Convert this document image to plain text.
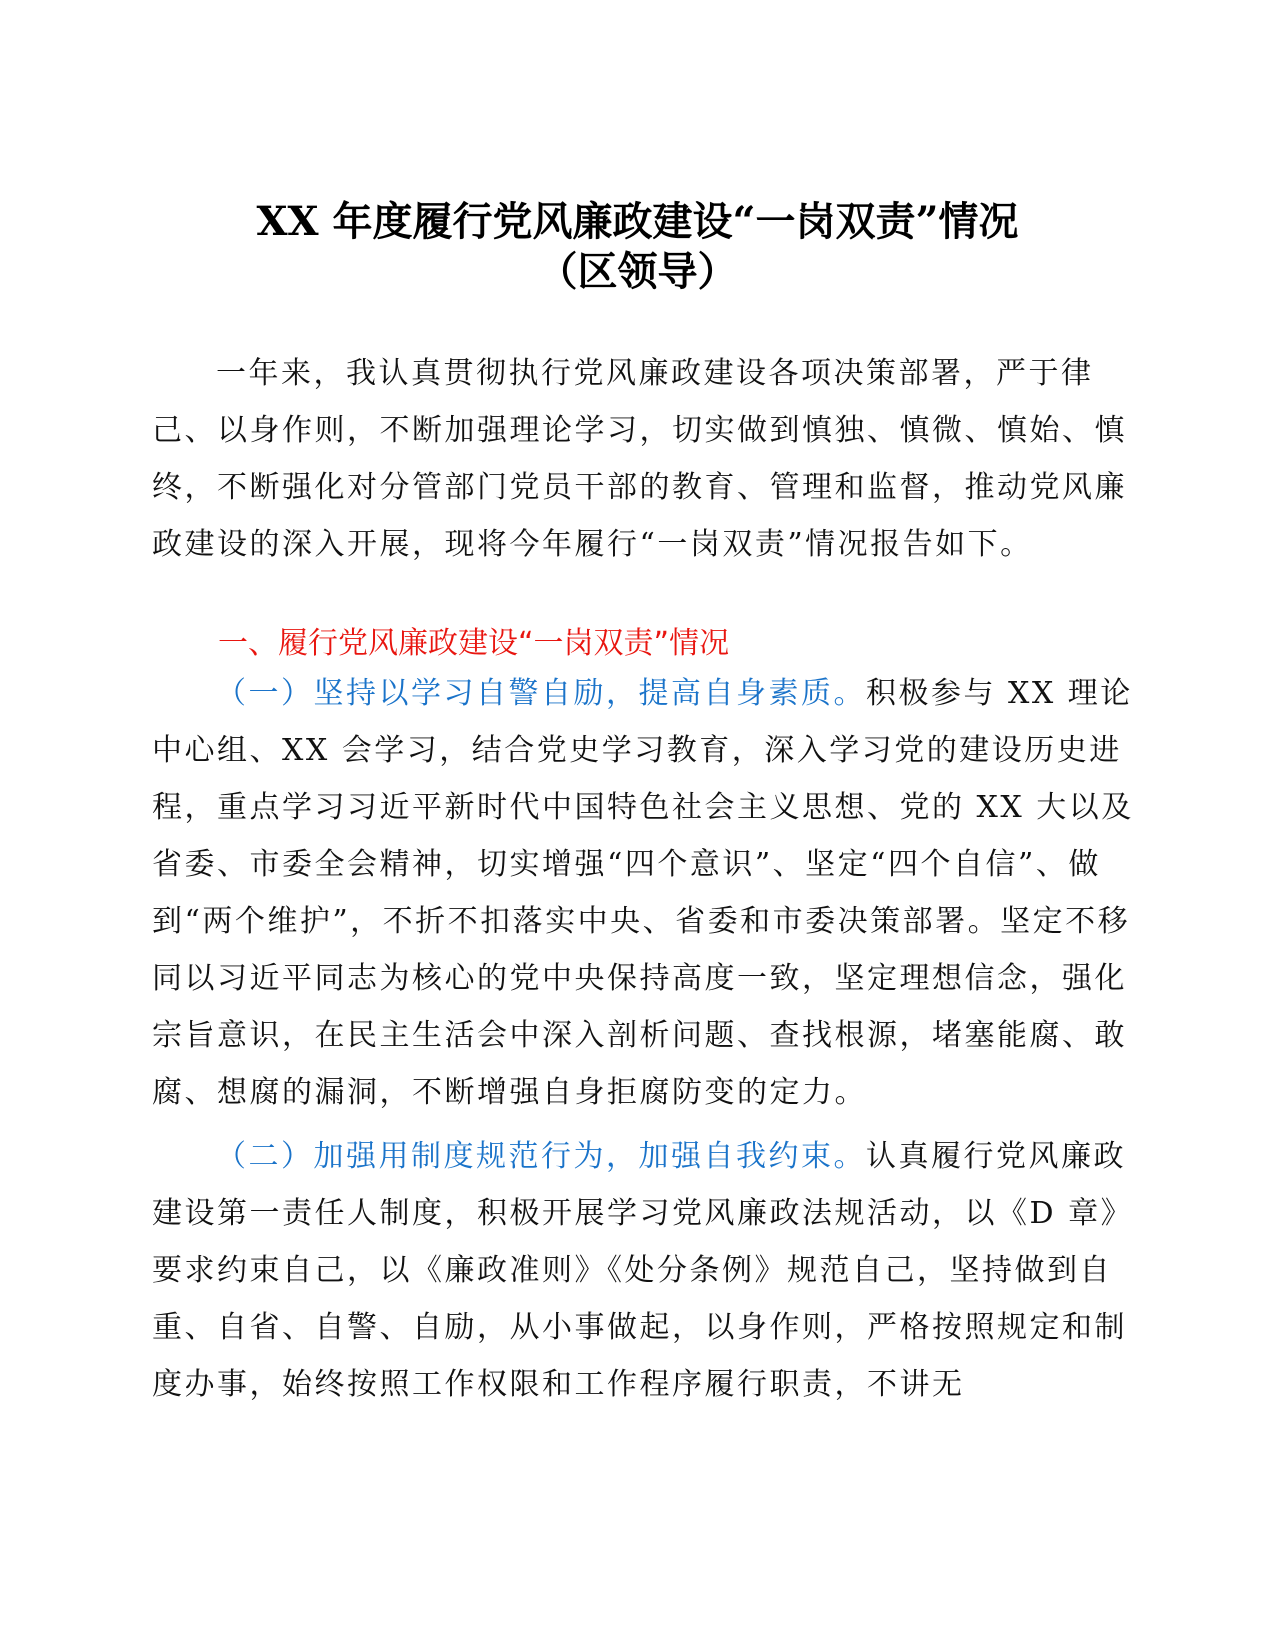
XX 年度履行党风廉政建设“一岗双责”情况
（区领导）

一年来，我认真贯彻执行党风廉政建设各项决策部署，严于律己、以身作则，不断加强理论学习，切实做到慎独、慎微、慎始、慎终，不断强化对分管部门党员干部的教育、管理和监督，推动党风廉政建设的深入开展，现将今年履行“一岗双责”情况报告如下。

一、履行党风廉政建设“一岗双责”情况

（一）坚持以学习自警自励，提高自身素质。积极参与 XX 理论中心组、XX 会学习，结合党史学习教育，深入学习党的建设历史进程，重点学习习近平新时代中国特色社会主义思想、党的 XX 大以及省委、市委全会精神，切实增强“四个意识”、坚定“四个自信”、做到“两个维护”，不折不扣落实中央、省委和市委决策部署。坚定不移同以习近平同志为核心的党中央保持高度一致，坚定理想信念，强化宗旨意识，在民主生活会中深入剖析问题、查找根源，堵塞能腐、敢腐、想腐的漏洞，不断增强自身拒腐防变的定力。

（二）加强用制度规范行为，加强自我约束。认真履行党风廉政建设第一责任人制度，积极开展学习党风廉政法规活动，以《D 章》要求约束自己，以《廉政准则》《处分条例》规范自己，坚持做到自重、自省、自警、自励，从小事做起，以身作则，严格按照规定和制度办事，始终按照工作权限和工作程序履行职责，不讲无
